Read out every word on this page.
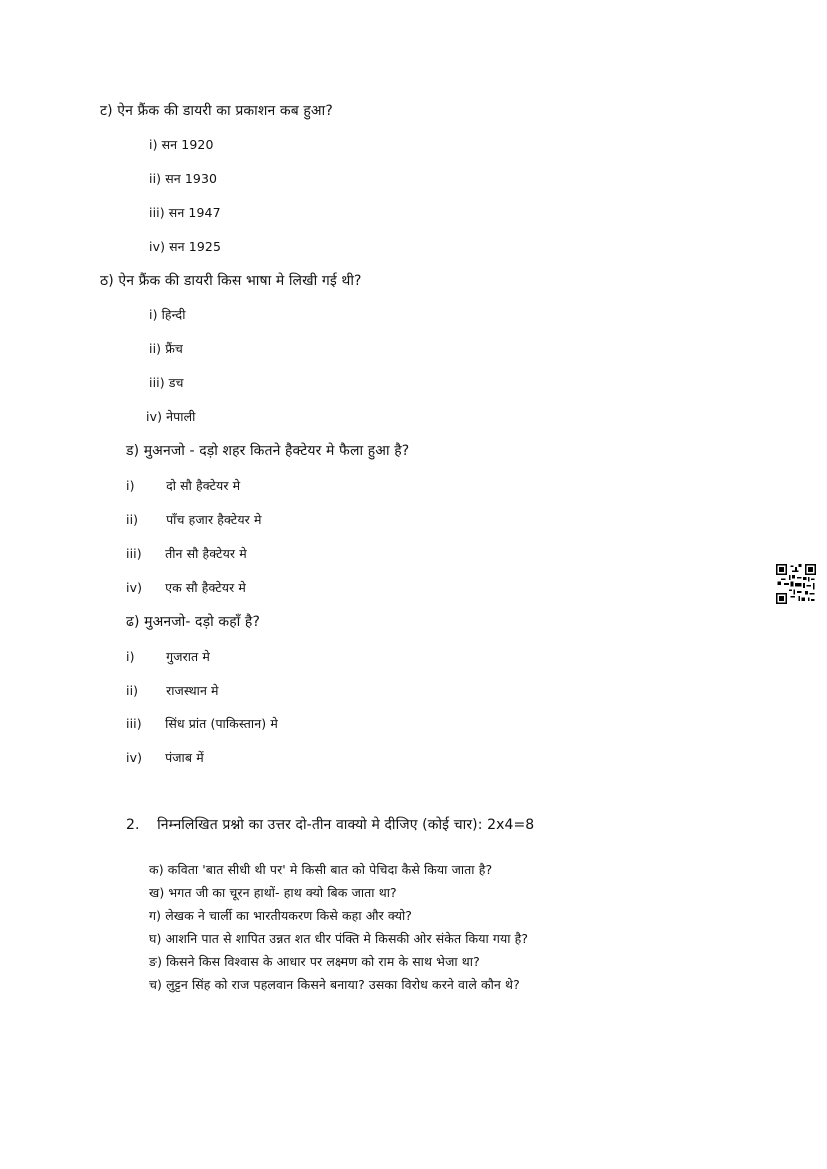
ट) ऐन फ्रैंक की डायरी का प्रकाशन कब हुआ?
i) सन 1920
ii) सन 1930
iii) सन 1947
iv) सन 1925
ठ) ऐन फ्रैंक की डायरी किस भाषा मे लिखी गई थी?
i) हिन्दी
ii) फ्रैंच
iii) डच
iv) नेपाली
ड) मुअनजो - दड़ो शहर कितने हैक्टेयर मे फैला हुआ है?
i)	दो सौ हैक्टेयर मे
ii) पाँच हजार हैक्टेयर मे
iii) तीन सौ हैक्टेयर मे
iv) एक सौ हैक्टेयर मे
ढ) मुअनजो- दड़ो कहाँ है?
i)	गुजरात मे
ii) राजस्थान मे
iii) सिंध प्रांत (पाकिस्तान) मे
iv) पंजाब में
2. निम्नलिखित प्रश्नो का उत्तर दो-तीन वाक्यो मे दीजिए (कोई चार): 2x4=8
क) कविता 'बात सीधी थी पर' मे किसी बात को पेचिदा कैसे किया जाता है?
ख) भगत जी का चूरन हाथों- हाथ क्यो बिक जाता था?
ग) लेखक ने चार्ली का भारतीयकरण किसे कहा और क्यो?
घ) आशनि पात से शापित उन्नत शत धीर पंक्ति मे किसकी ओर संकेत किया गया है?
ङ) किसने किस विश्वास के आधार पर लक्ष्मण को राम के साथ भेजा था?
च) लुट्टन सिंह को राज पहलवान किसने बनाया? उसका विरोध करने वाले कौन थे?
